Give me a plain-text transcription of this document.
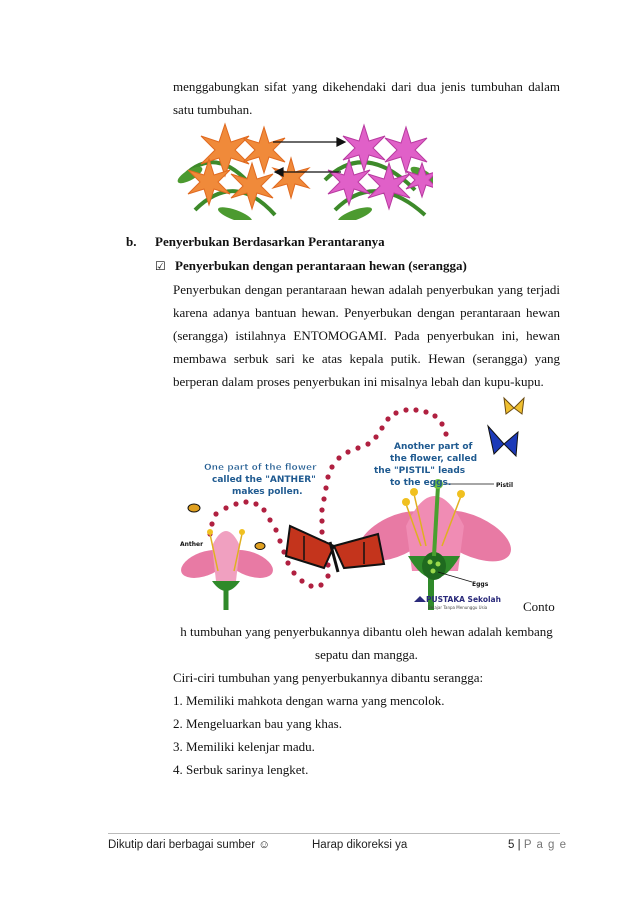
menggabungkan sifat yang dikehendaki dari dua jenis tumbuhan dalam
satu tumbuhan.
b. Penyerbukan Berdasarkan Perantaranya
☑ Penyerbukan dengan perantaraan hewan (serangga)
Penyerbukan dengan perantaraan hewan adalah penyerbukan yang terjadi
karena adanya bantuan hewan. Penyerbukan dengan perantaraan hewan
(serangga) istilahnya ENTOMOGAMI. Pada penyerbukan ini, hewan
membawa serbuk sari ke atas kepala putik. Hewan (serangga) yang
berperan dalam proses penyerbukan ini misalnya lebah dan kupu-kupu.
One part of the flower
called the "ANTHER"
makes pollen.
Another part of
the flower, called
the "PISTIL" leads
to the eggs.	Pistil
Anther
Eggs
PUSTAKA Sekolah
Belajar Tanpa Menunggu Usia	Conto
h tumbuhan yang penyerbukannya dibantu oleh hewan adalah kembang
sepatu dan mangga.
Ciri-ciri tumbuhan yang penyerbukannya dibantu serangga:
1. Memiliki mahkota dengan warna yang mencolok.
2. Mengeluarkan bau yang khas.
3. Memiliki kelenjar madu.
4. Serbuk sarinya lengket.
Dikutip dari berbagai sumber ☺	Harap dikoreksi ya	5 | P a g e
